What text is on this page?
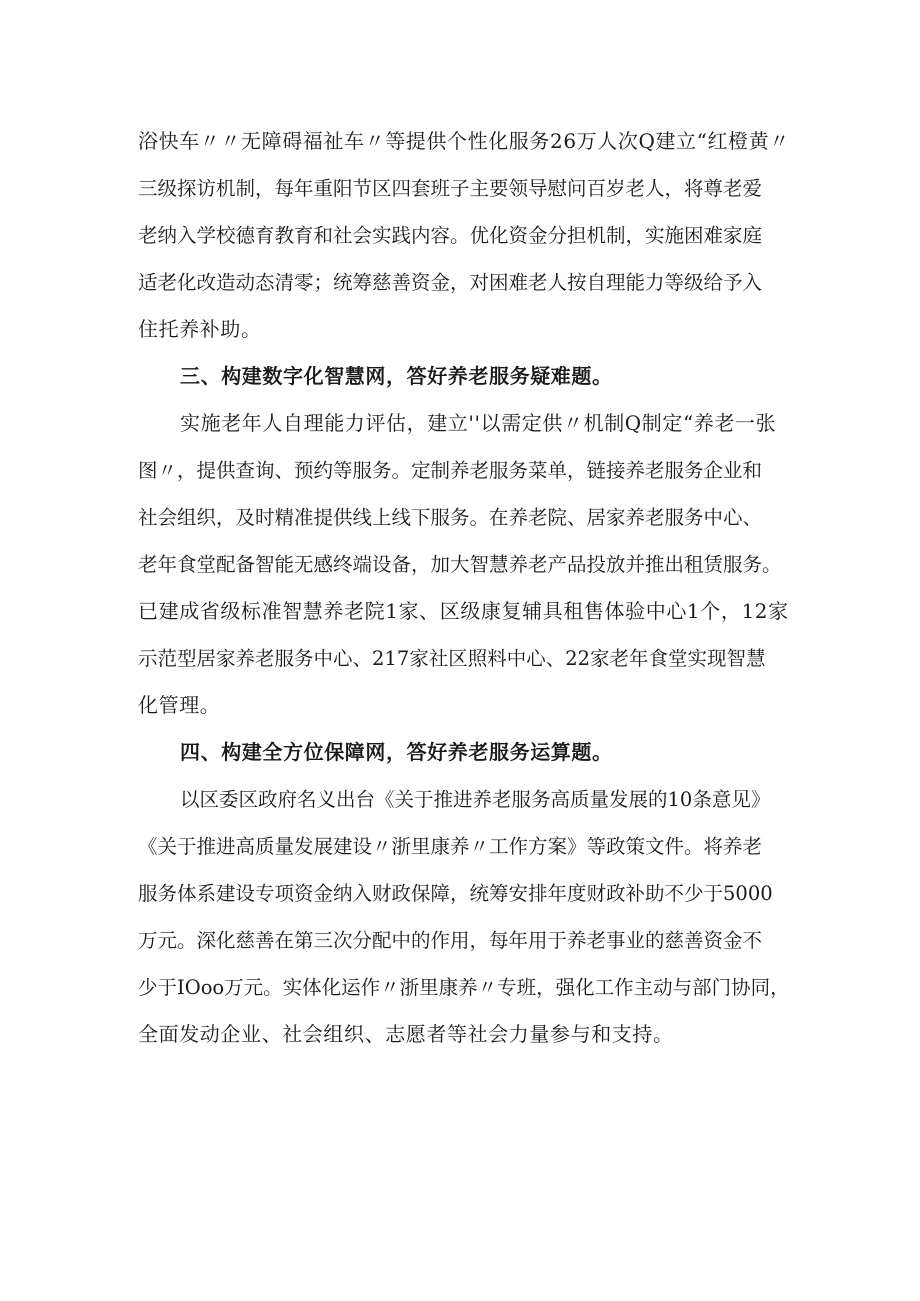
浴快车〃〃无障碍福祉车〃等提供个性化服务26万人次Q建立“红橙黄〃
三级探访机制，每年重阳节区四套班子主要领导慰问百岁老人，将尊老爱
老纳入学校德育教育和社会实践内容。优化资金分担机制，实施困难家庭
适老化改造动态清零；统筹慈善资金，对困难老人按自理能力等级给予入
住托养补助。
三、构建数字化智慧网，答好养老服务疑难题。
实施老年人自理能力评估，建立''以需定供〃机制Q制定“养老一张
图〃，提供查询、预约等服务。定制养老服务菜单，链接养老服务企业和
社会组织，及时精准提供线上线下服务。在养老院、居家养老服务中心、
老年食堂配备智能无感终端设备，加大智慧养老产品投放并推出租赁服务。
已建成省级标准智慧养老院1家、区级康复辅具租售体验中心1个，12家
示范型居家养老服务中心、217家社区照料中心、22家老年食堂实现智慧
化管理。
四、构建全方位保障网，答好养老服务运算题。
以区委区政府名义出台《关于推进养老服务高质量发展的10条意见》
《关于推进高质量发展建设〃浙里康养〃工作方案》等政策文件。将养老
服务体系建设专项资金纳入财政保障，统筹安排年度财政补助不少于5000
万元。深化慈善在第三次分配中的作用，每年用于养老事业的慈善资金不
少于IOoo万元。实体化运作〃浙里康养〃专班，强化工作主动与部门协同，
全面发动企业、社会组织、志愿者等社会力量参与和支持。
